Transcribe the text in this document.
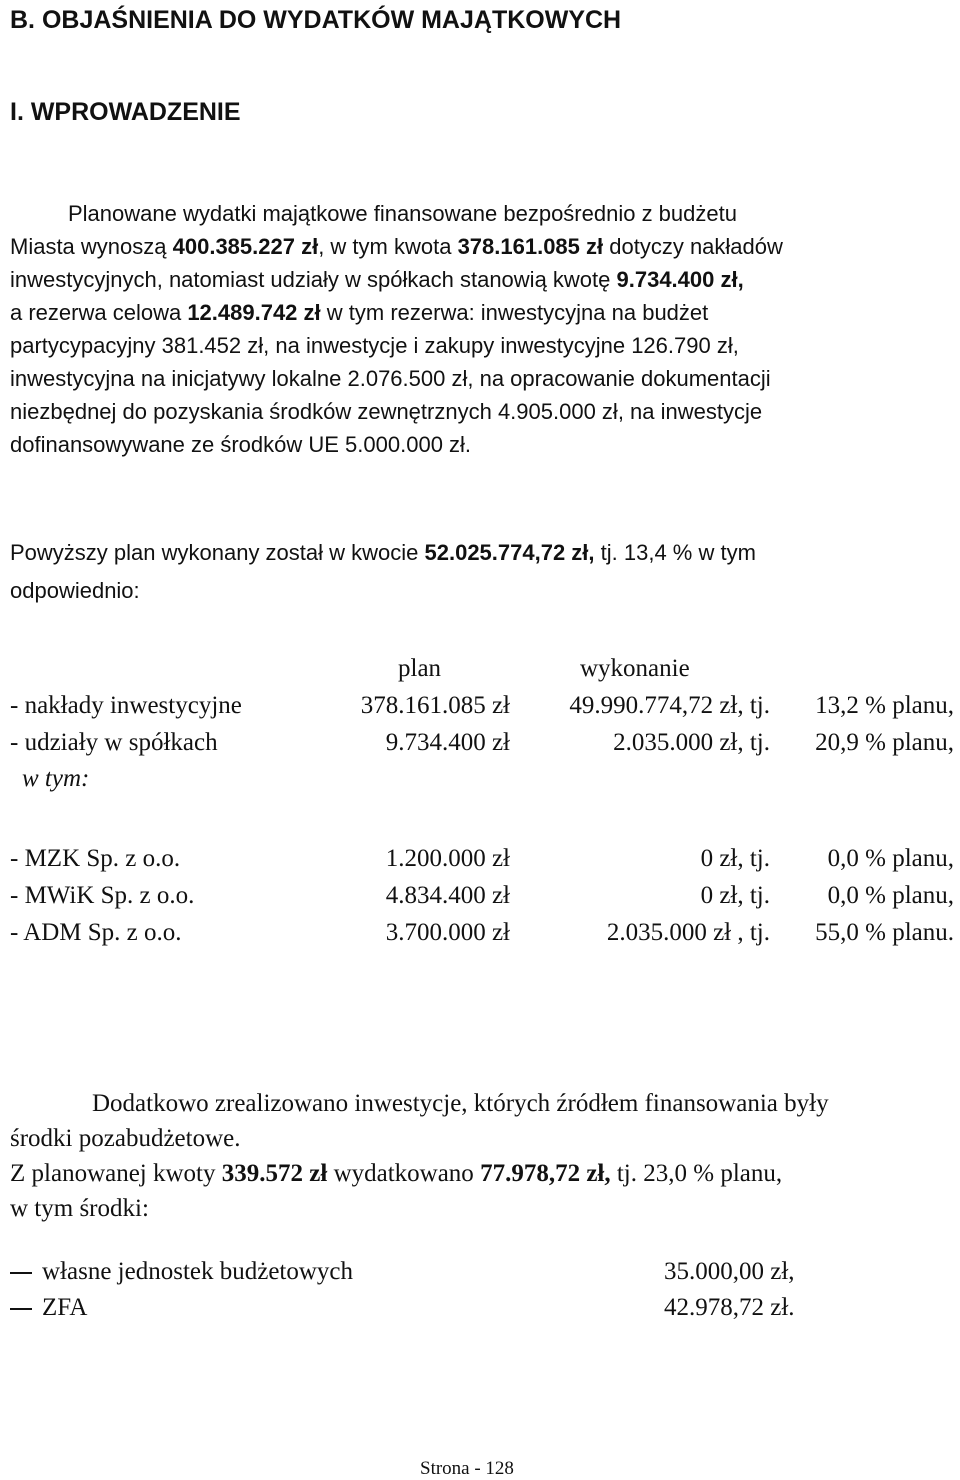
B. OBJAŚNIENIA DO WYDATKÓW MAJĄTKOWYCH
I. WPROWADZENIE
Planowane wydatki majątkowe finansowane bezpośrednio z budżetu
Miasta wynoszą 400.385.227 zł, w tym kwota 378.161.085 zł dotyczy nakładów
inwestycyjnych, natomiast udziały w spółkach stanowią kwotę 9.734.400 zł,
a rezerwa celowa 12.489.742 zł w tym rezerwa: inwestycyjna na budżet
partycypacyjny 381.452 zł, na inwestycje i zakupy inwestycyjne 126.790 zł,
inwestycyjna na inicjatywy lokalne 2.076.500 zł, na opracowanie dokumentacji
niezbędnej do pozyskania środków zewnętrznych 4.905.000 zł, na inwestycje
dofinansowywane ze środków UE 5.000.000 zł.
Powyższy plan wykonany został w kwocie 52.025.774,72 zł, tj. 13,4 % w tym
odpowiednio:
plan	wykonanie
- nakłady inwestycyjne	378.161.085 zł	49.990.774,72 zł, tj.	13,2 % planu,
- udziały w spółkach	9.734.400 zł	2.035.000 zł, tj.	20,9 % planu,
w tym:
- MZK Sp. z o.o.	1.200.000 zł	0 zł, tj.	0,0 % planu,
- MWiK Sp. z o.o.	4.834.400 zł	0 zł, tj.	0,0 % planu,
- ADM Sp. z o.o.	3.700.000 zł	2.035.000 zł , tj.	55,0 % planu.
Dodatkowo zrealizowano inwestycje, których źródłem finansowania były
środki pozabudżetowe.
Z planowanej kwoty 339.572 zł wydatkowano 77.978,72 zł, tj. 23,0 % planu,
w tym środki:
własne jednostek budżetowych	35.000,00 zł,
ZFA	42.978,72 zł.
Strona - 128
